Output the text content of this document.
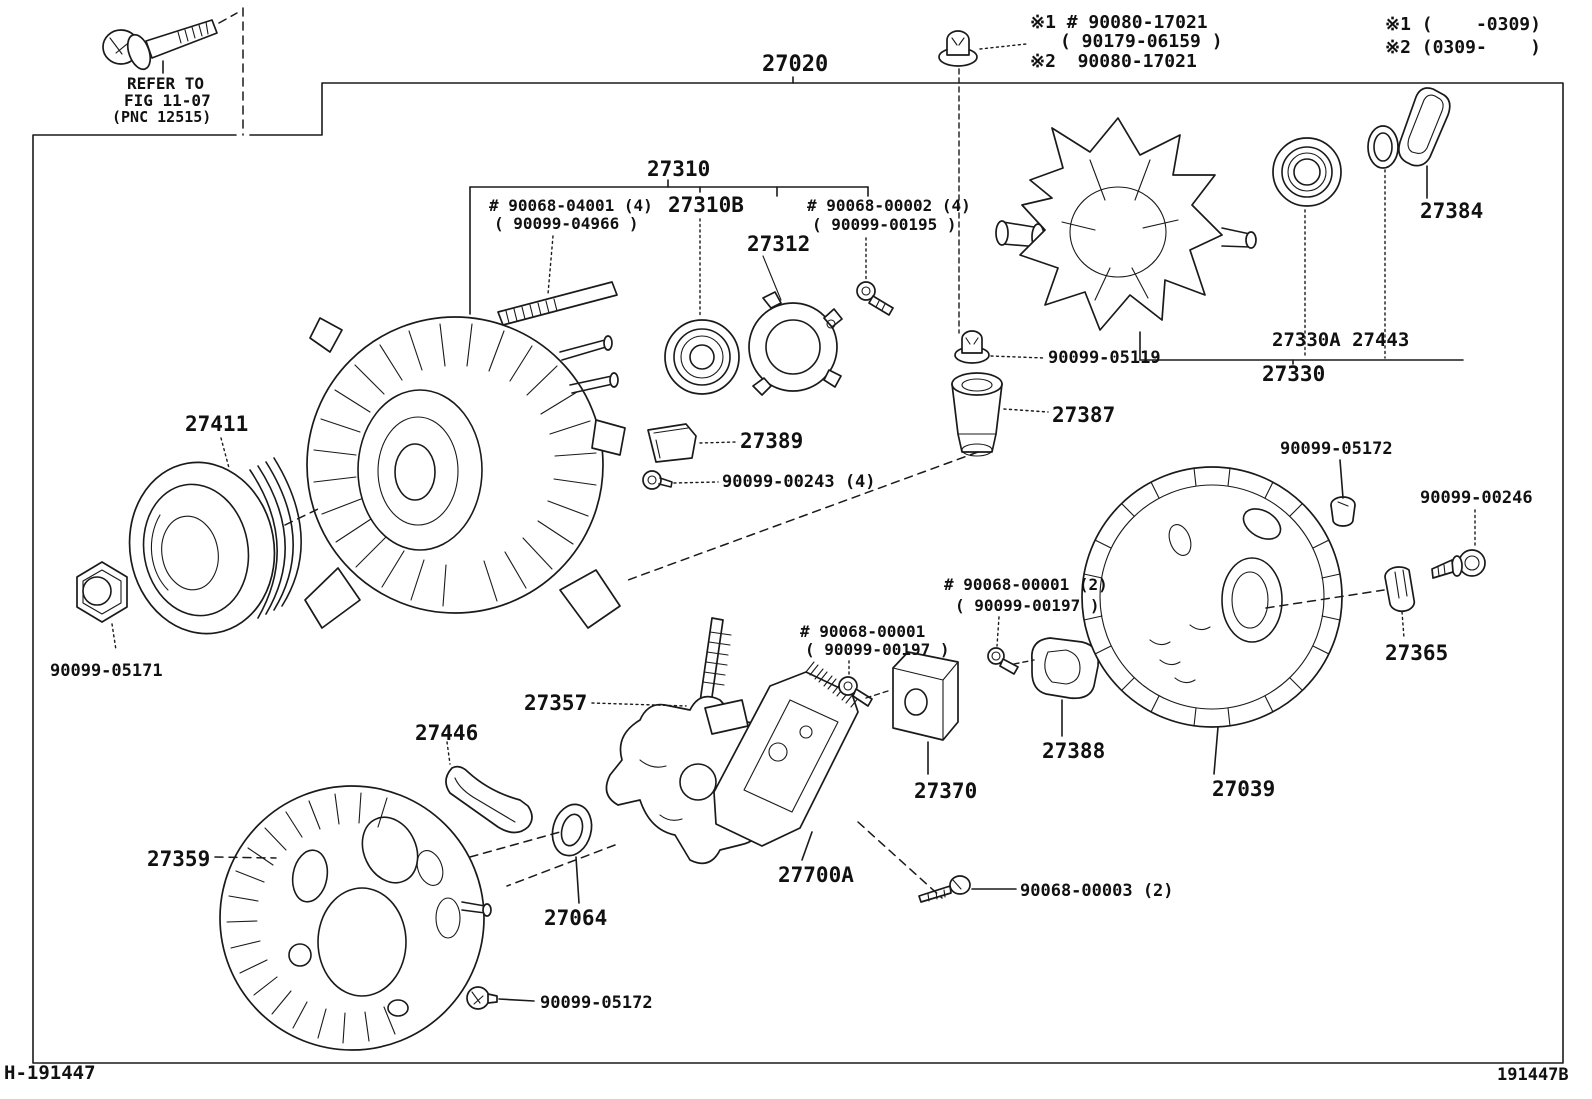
27020
※1 # 90080-17021
( 90179-06159 )
※2  90080-17021
※1 (    -0309)
※2 (0309-    )
REFER TO
FIG 11-07
(PNC 12515)
27310
# 90068-04001 (4)
( 90099-04966 )
27310B
27312
# 90068-00002 (4)
( 90099-00195 )
27384
90099-05119
27330A 27443
27330
27387
27411
27389
90099-00243 (4)
90099-05172
90099-00246
90099-05171
27365
# 90068-00001 (2)
( 90099-00197 )
# 90068-00001
( 90099-00197 )
27357
27446
27388
27370	27039
27359
27700A
27064
90068-00003 (2)
90099-05172
H-191447	191447B
